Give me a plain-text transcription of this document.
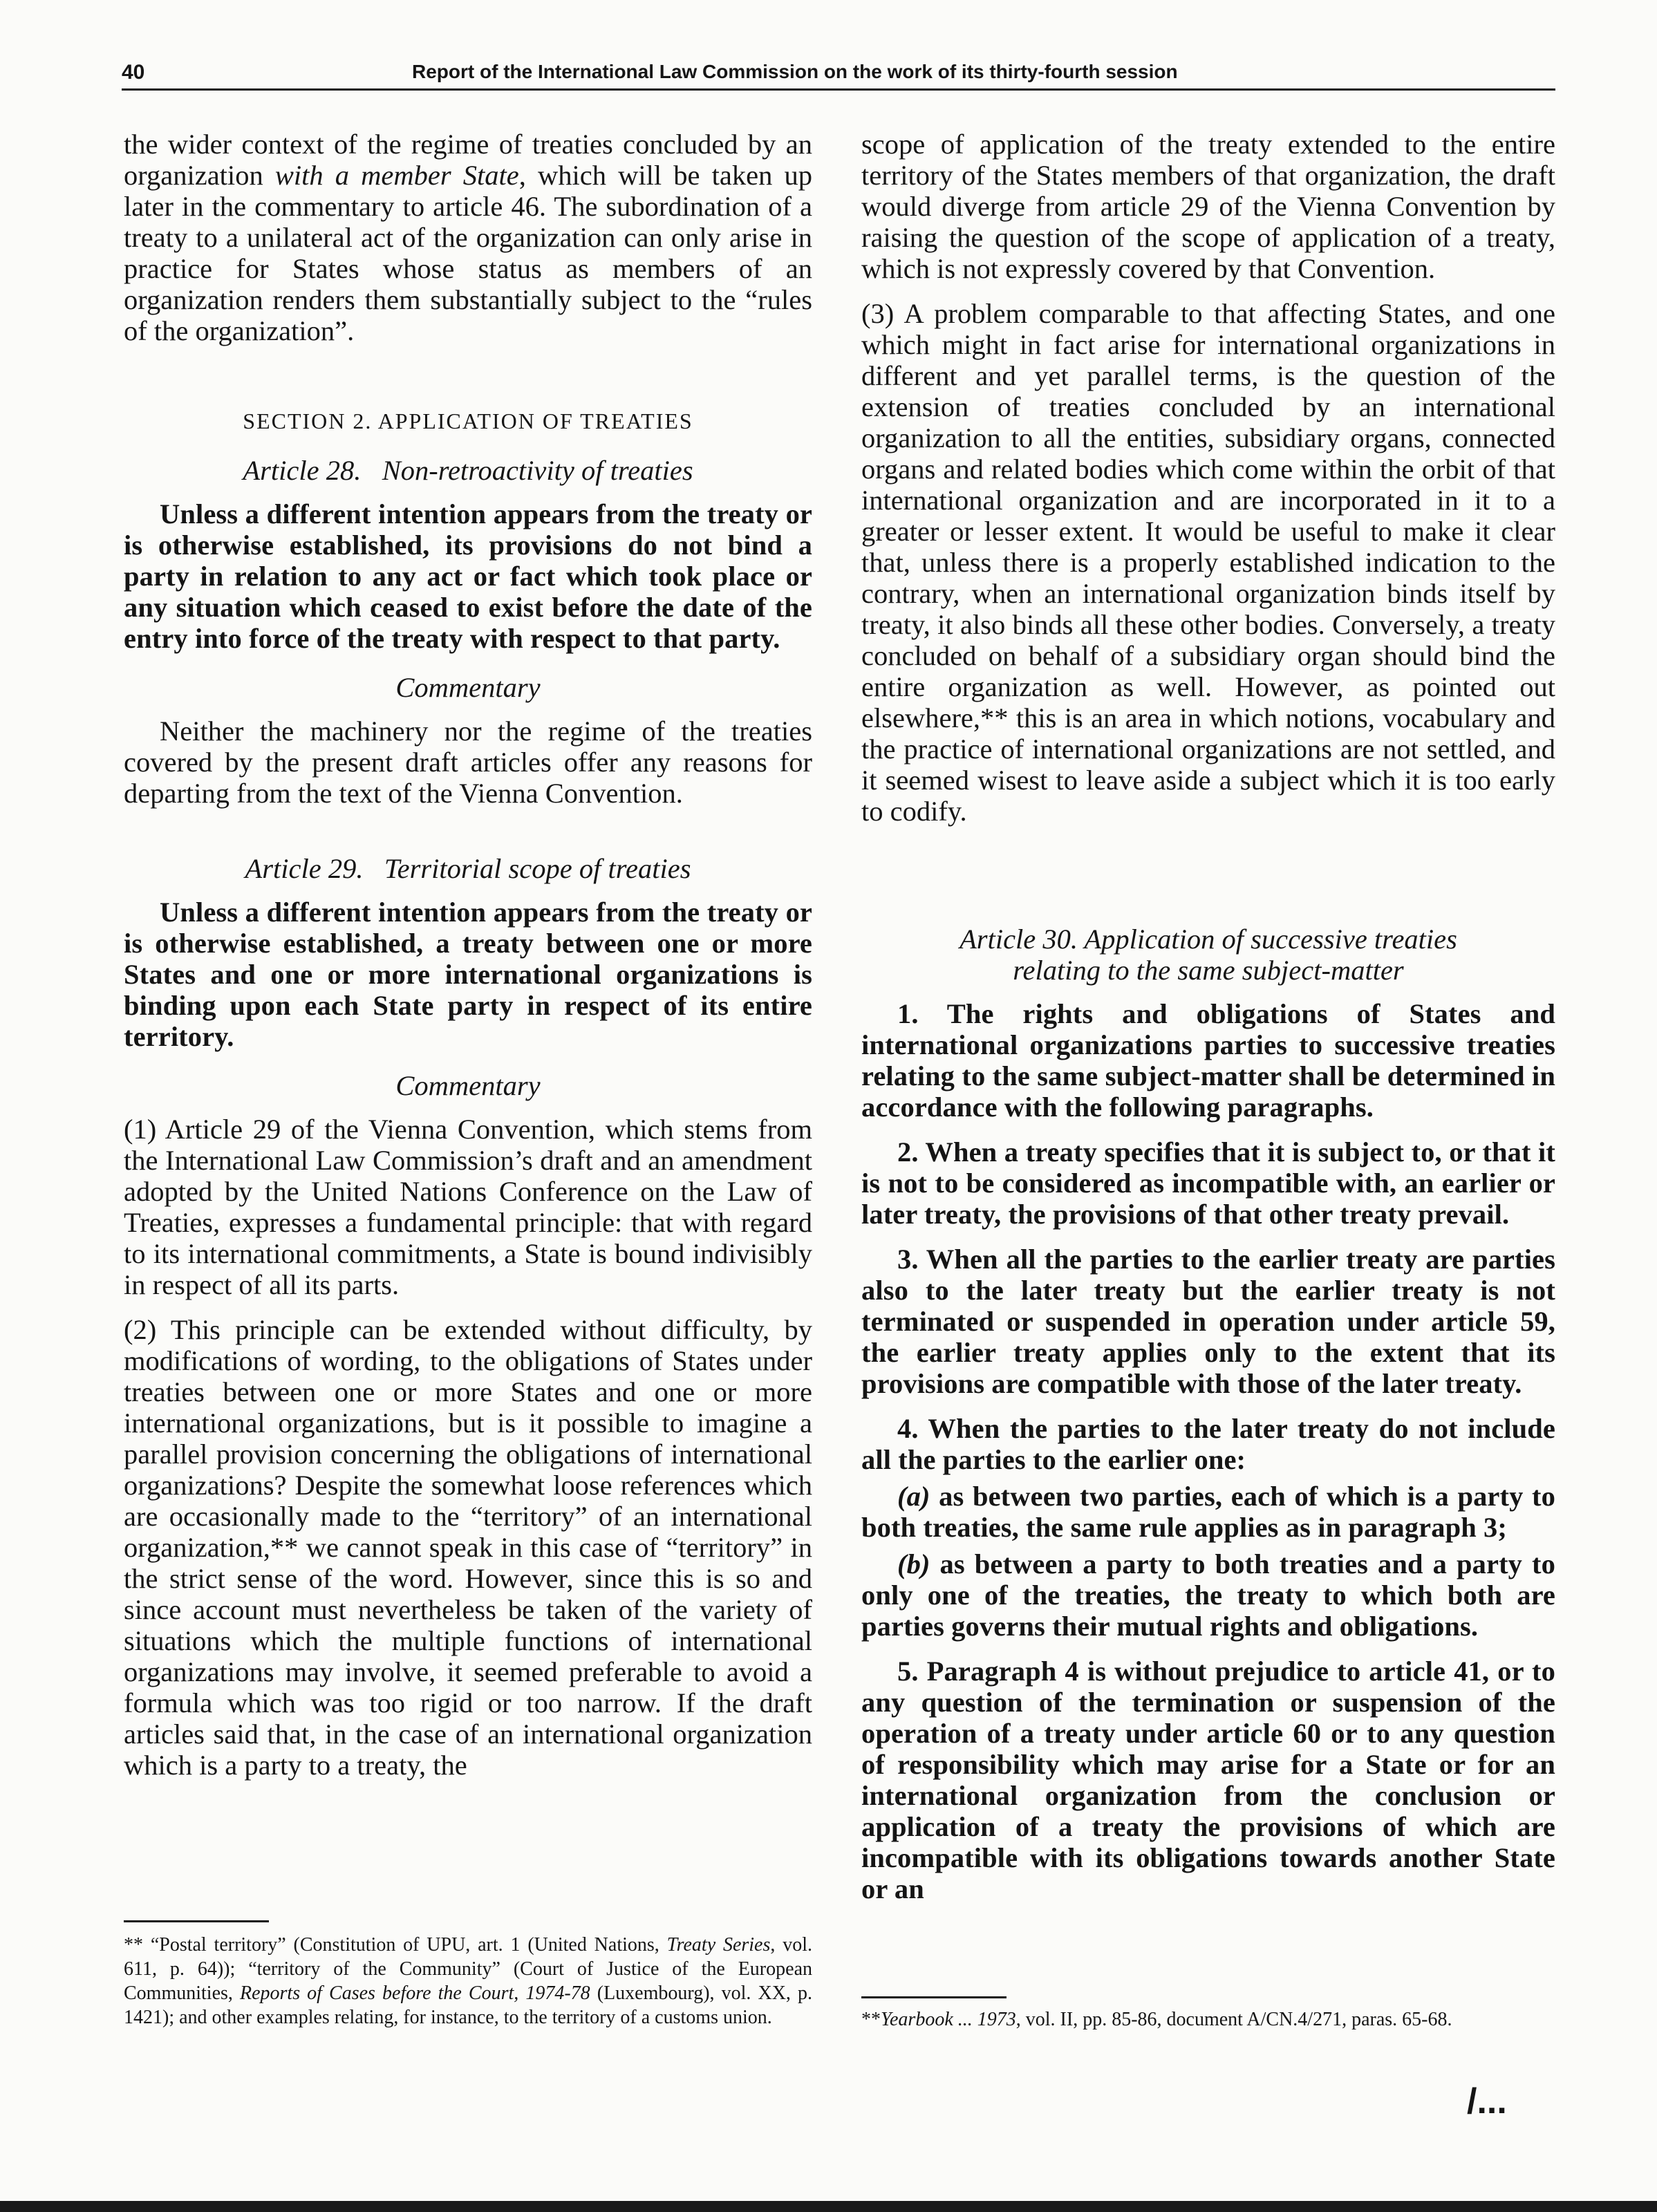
40	Report of the International Law Commission on the work of its thirty-fourth session

the wider context of the regime of treaties concluded by an organization with a member State, which will be taken up later in the commentary to article 46. The subordination of a treaty to a unilateral act of the organization can only arise in practice for States whose status as members of an organization renders them substantially subject to the “rules of the organization”.

SECTION 2. APPLICATION OF TREATIES
Article 28. Non-retroactivity of treaties

Unless a different intention appears from the treaty or is otherwise established, its provisions do not bind a party in relation to any act or fact which took place or any situation which ceased to exist before the date of the entry into force of the treaty with respect to that party.

Commentary

Neither the machinery nor the regime of the treaties covered by the present draft articles offer any reasons for departing from the text of the Vienna Convention.

Article 29. Territorial scope of treaties

Unless a different intention appears from the treaty or is otherwise established, a treaty between one or more States and one or more international organizations is binding upon each State party in respect of its entire territory.

Commentary

(1) Article 29 of the Vienna Convention, which stems from the International Law Commission’s draft and an amendment adopted by the United Nations Conference on the Law of Treaties, expresses a fundamental principle: that with regard to its international commitments, a State is bound indivisibly in respect of all its parts.

(2) This principle can be extended without difficulty, by modifications of wording, to the obligations of States under treaties between one or more States and one or more international organizations, but is it possible to imagine a parallel provision concerning the obligations of international organizations? Despite the somewhat loose references which are occasionally made to the “territory” of an international organization,** we cannot speak in this case of “territory” in the strict sense of the word. However, since this is so and since account must nevertheless be taken of the variety of situations which the multiple functions of international organizations may involve, it seemed preferable to avoid a formula which was too rigid or too narrow. If the draft articles said that, in the case of an international organization which is a party to a treaty, the

** “Postal territory” (Constitution of UPU, art. 1 (United Nations, Treaty Series, vol. 611, p. 64)); “territory of the Community” (Court of Justice of the European Communities, Reports of Cases before the Court, 1974-78 (Luxembourg), vol. XX, p. 1421); and other examples relating, for instance, to the territory of a customs union.

scope of application of the treaty extended to the entire territory of the States members of that organization, the draft would diverge from article 29 of the Vienna Convention by raising the question of the scope of application of a treaty, which is not expressly covered by that Convention.

(3) A problem comparable to that affecting States, and one which might in fact arise for international organizations in different and yet parallel terms, is the question of the extension of treaties concluded by an international organization to all the entities, subsidiary organs, connected organs and related bodies which come within the orbit of that international organization and are incorporated in it to a greater or lesser extent. It would be useful to make it clear that, unless there is a properly established indication to the contrary, when an international organization binds itself by treaty, it also binds all these other bodies. Conversely, a treaty concluded on behalf of a subsidiary organ should bind the entire organization as well. However, as pointed out elsewhere,** this is an area in which notions, vocabulary and the practice of international organizations are not settled, and it seemed wisest to leave aside a subject which it is too early to codify.

Article 30. Application of successive treaties
relating to the same subject-matter

1. The rights and obligations of States and international organizations parties to successive treaties relating to the same subject-matter shall be determined in accordance with the following paragraphs.

2. When a treaty specifies that it is subject to, or that it is not to be considered as incompatible with, an earlier or later treaty, the provisions of that other treaty prevail.

3. When all the parties to the earlier treaty are parties also to the later treaty but the earlier treaty is not terminated or suspended in operation under article 59, the earlier treaty applies only to the extent that its provisions are compatible with those of the later treaty.

4. When the parties to the later treaty do not include all the parties to the earlier one:

(a) as between two parties, each of which is a party to both treaties, the same rule applies as in paragraph 3;

(b) as between a party to both treaties and a party to only one of the treaties, the treaty to which both are parties governs their mutual rights and obligations.

5. Paragraph 4 is without prejudice to article 41, or to any question of the termination or suspension of the operation of a treaty under article 60 or to any question of responsibility which may arise for a State or for an international organization from the conclusion or application of a treaty the provisions of which are incompatible with its obligations towards another State or an

**Yearbook ... 1973, vol. II, pp. 85-86, document A/CN.4/271, paras. 65-68.

/...
